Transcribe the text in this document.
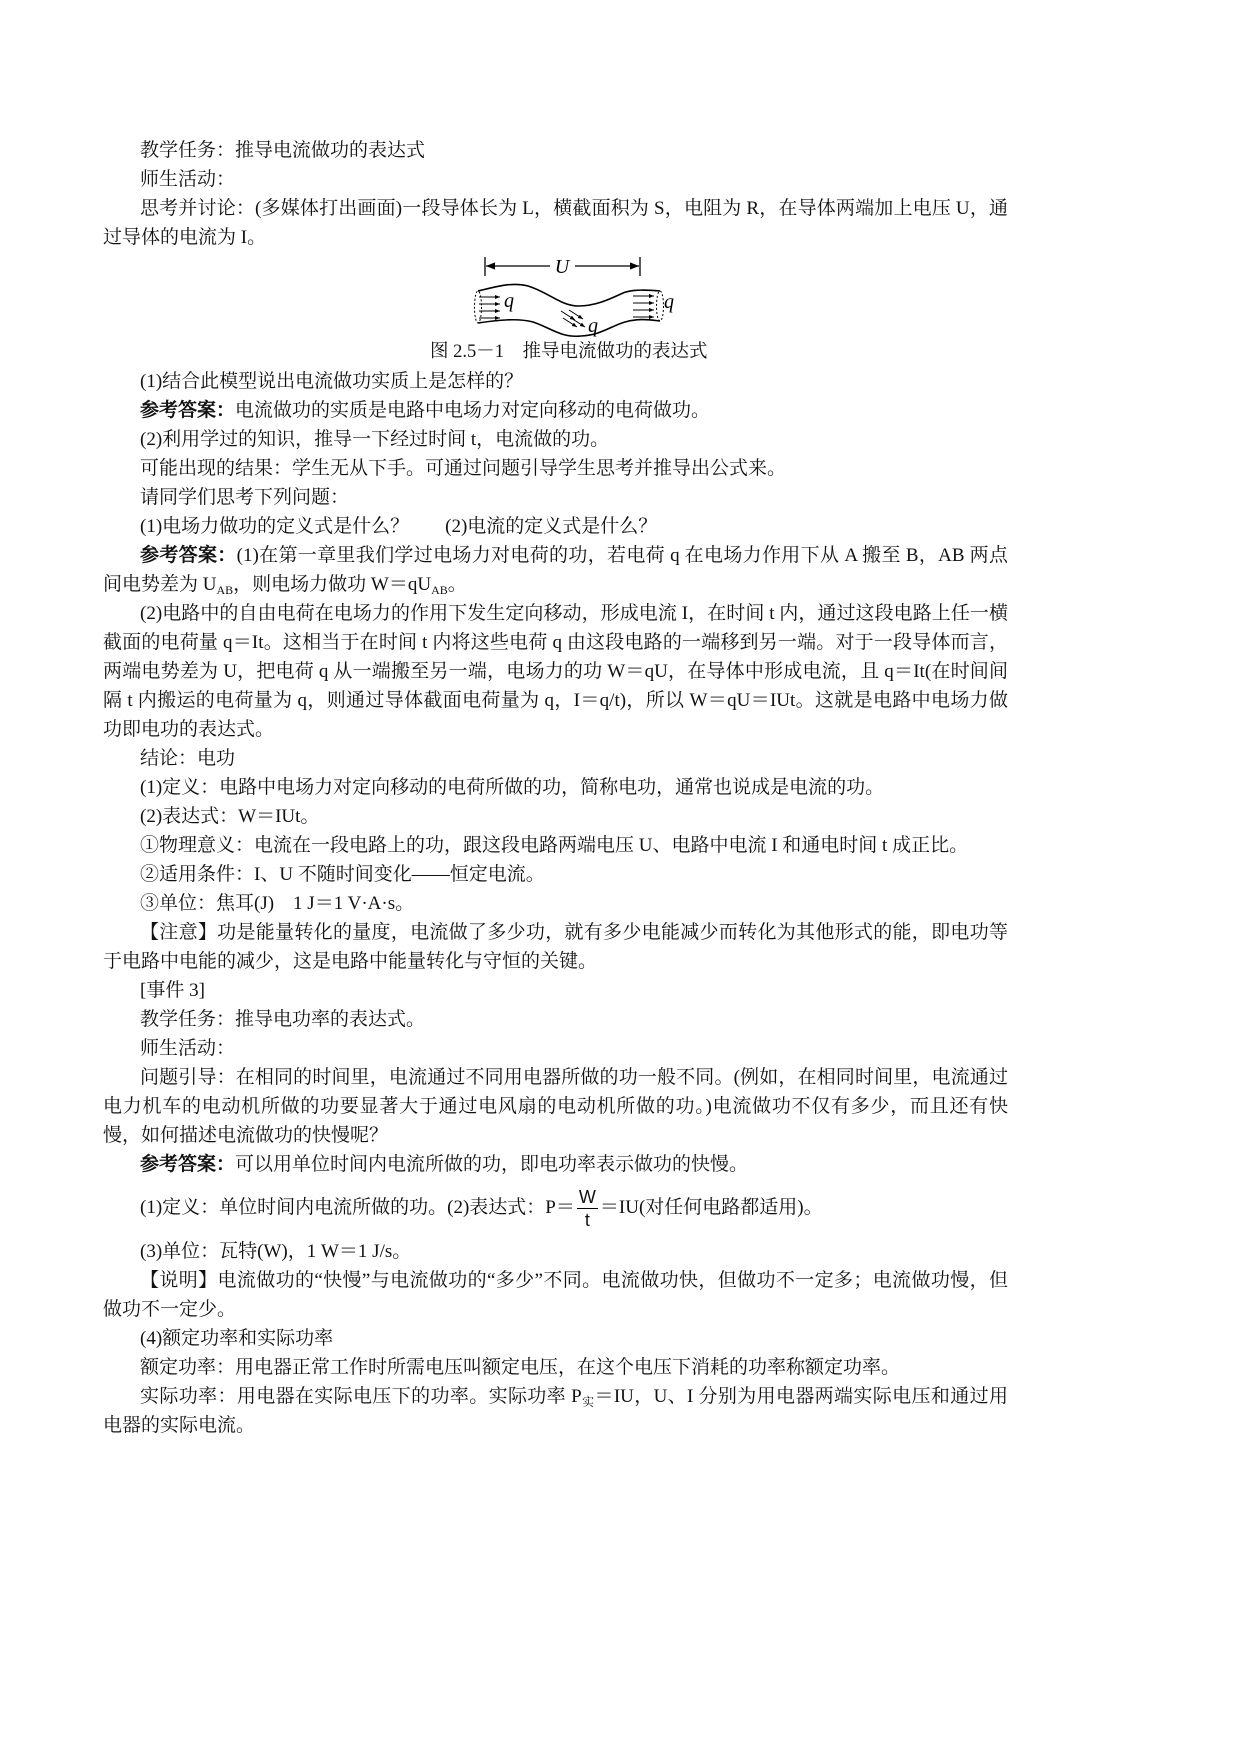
教学任务：推导电流做功的表达式

师生活动：

思考并讨论：(多媒体打出画面)一段导体长为 L，横截面积为 S，电阻为 R，在导体两端加上电压 U，通过导体的电流为 I。

U
q
q
q

图 2.5－1　推导电流做功的表达式

(1)结合此模型说出电流做功实质上是怎样的？

参考答案：电流做功的实质是电路中电场力对定向移动的电荷做功。

(2)利用学过的知识，推导一下经过时间 t，电流做的功。

可能出现的结果：学生无从下手。可通过问题引导学生思考并推导出公式来。

请同学们思考下列问题：

(1)电场力做功的定义式是什么？ (2)电流的定义式是什么？

参考答案：(1)在第一章里我们学过电场力对电荷的功，若电荷 q 在电场力作用下从 A 搬至 B，AB 两点间电势差为 $U_{AB}$，则电场力做功 $W=qU_{AB}$。

(2)电路中的自由电荷在电场力的作用下发生定向移动，形成电流 I，在时间 t 内，通过这段电路上任一横截面的电荷量 q＝It。这相当于在时间 t 内将这些电荷 q 由这段电路的一端移到另一端。对于一段导体而言，两端电势差为 U，把电荷 q 从一端搬至另一端，电场力的功 W＝qU，在导体中形成电流，且 q＝It(在时间间隔 t 内搬运的电荷量为 q，则通过导体截面电荷量为 q，I＝q/t)，所以 W＝qU＝IUt。这就是电路中电场力做功即电功的表达式。

结论：电功

(1)定义：电路中电场力对定向移动的电荷所做的功，简称电功，通常也说成是电流的功。

(2)表达式：W＝IUt。

①物理意义：电流在一段电路上的功，跟这段电路两端电压 U、电路中电流 I 和通电时间 t 成正比。

②适用条件：I、U 不随时间变化——恒定电流。

③单位：焦耳(J)　1 J＝1 V·A·s。

【注意】功是能量转化的量度，电流做了多少功，就有多少电能减少而转化为其他形式的能，即电功等于电路中电能的减少，这是电路中能量转化与守恒的关键。

[事件 3]

教学任务：推导电功率的表达式。

师生活动：

问题引导：在相同的时间里，电流通过不同用电器所做的功一般不同。(例如，在相同时间里，电流通过电力机车的电动机所做的功要显著大于通过电风扇的电动机所做的功。)电流做功不仅有多少，而且还有快慢，如何描述电流做功的快慢呢？

参考答案：可以用单位时间内电流所做的功，即电功率表示做功的快慢。

(1)定义：单位时间内电流所做的功。(2)表达式：$P= \frac{W}{t} =IU$(对任何电路都适用)。

(3)单位：瓦特(W)，1 W＝1 J/s。

【说明】电流做功的“快慢”与电流做功的“多少”不同。电流做功快，但做功不一定多；电流做功慢，但做功不一定少。

(4)额定功率和实际功率

额定功率：用电器正常工作时所需电压叫额定电压，在这个电压下消耗的功率称额定功率。

实际功率：用电器在实际电压下的功率。实际功率 $P_实=IU$，U、I 分别为用电器两端实际电压和通过用电器的实际电流。
